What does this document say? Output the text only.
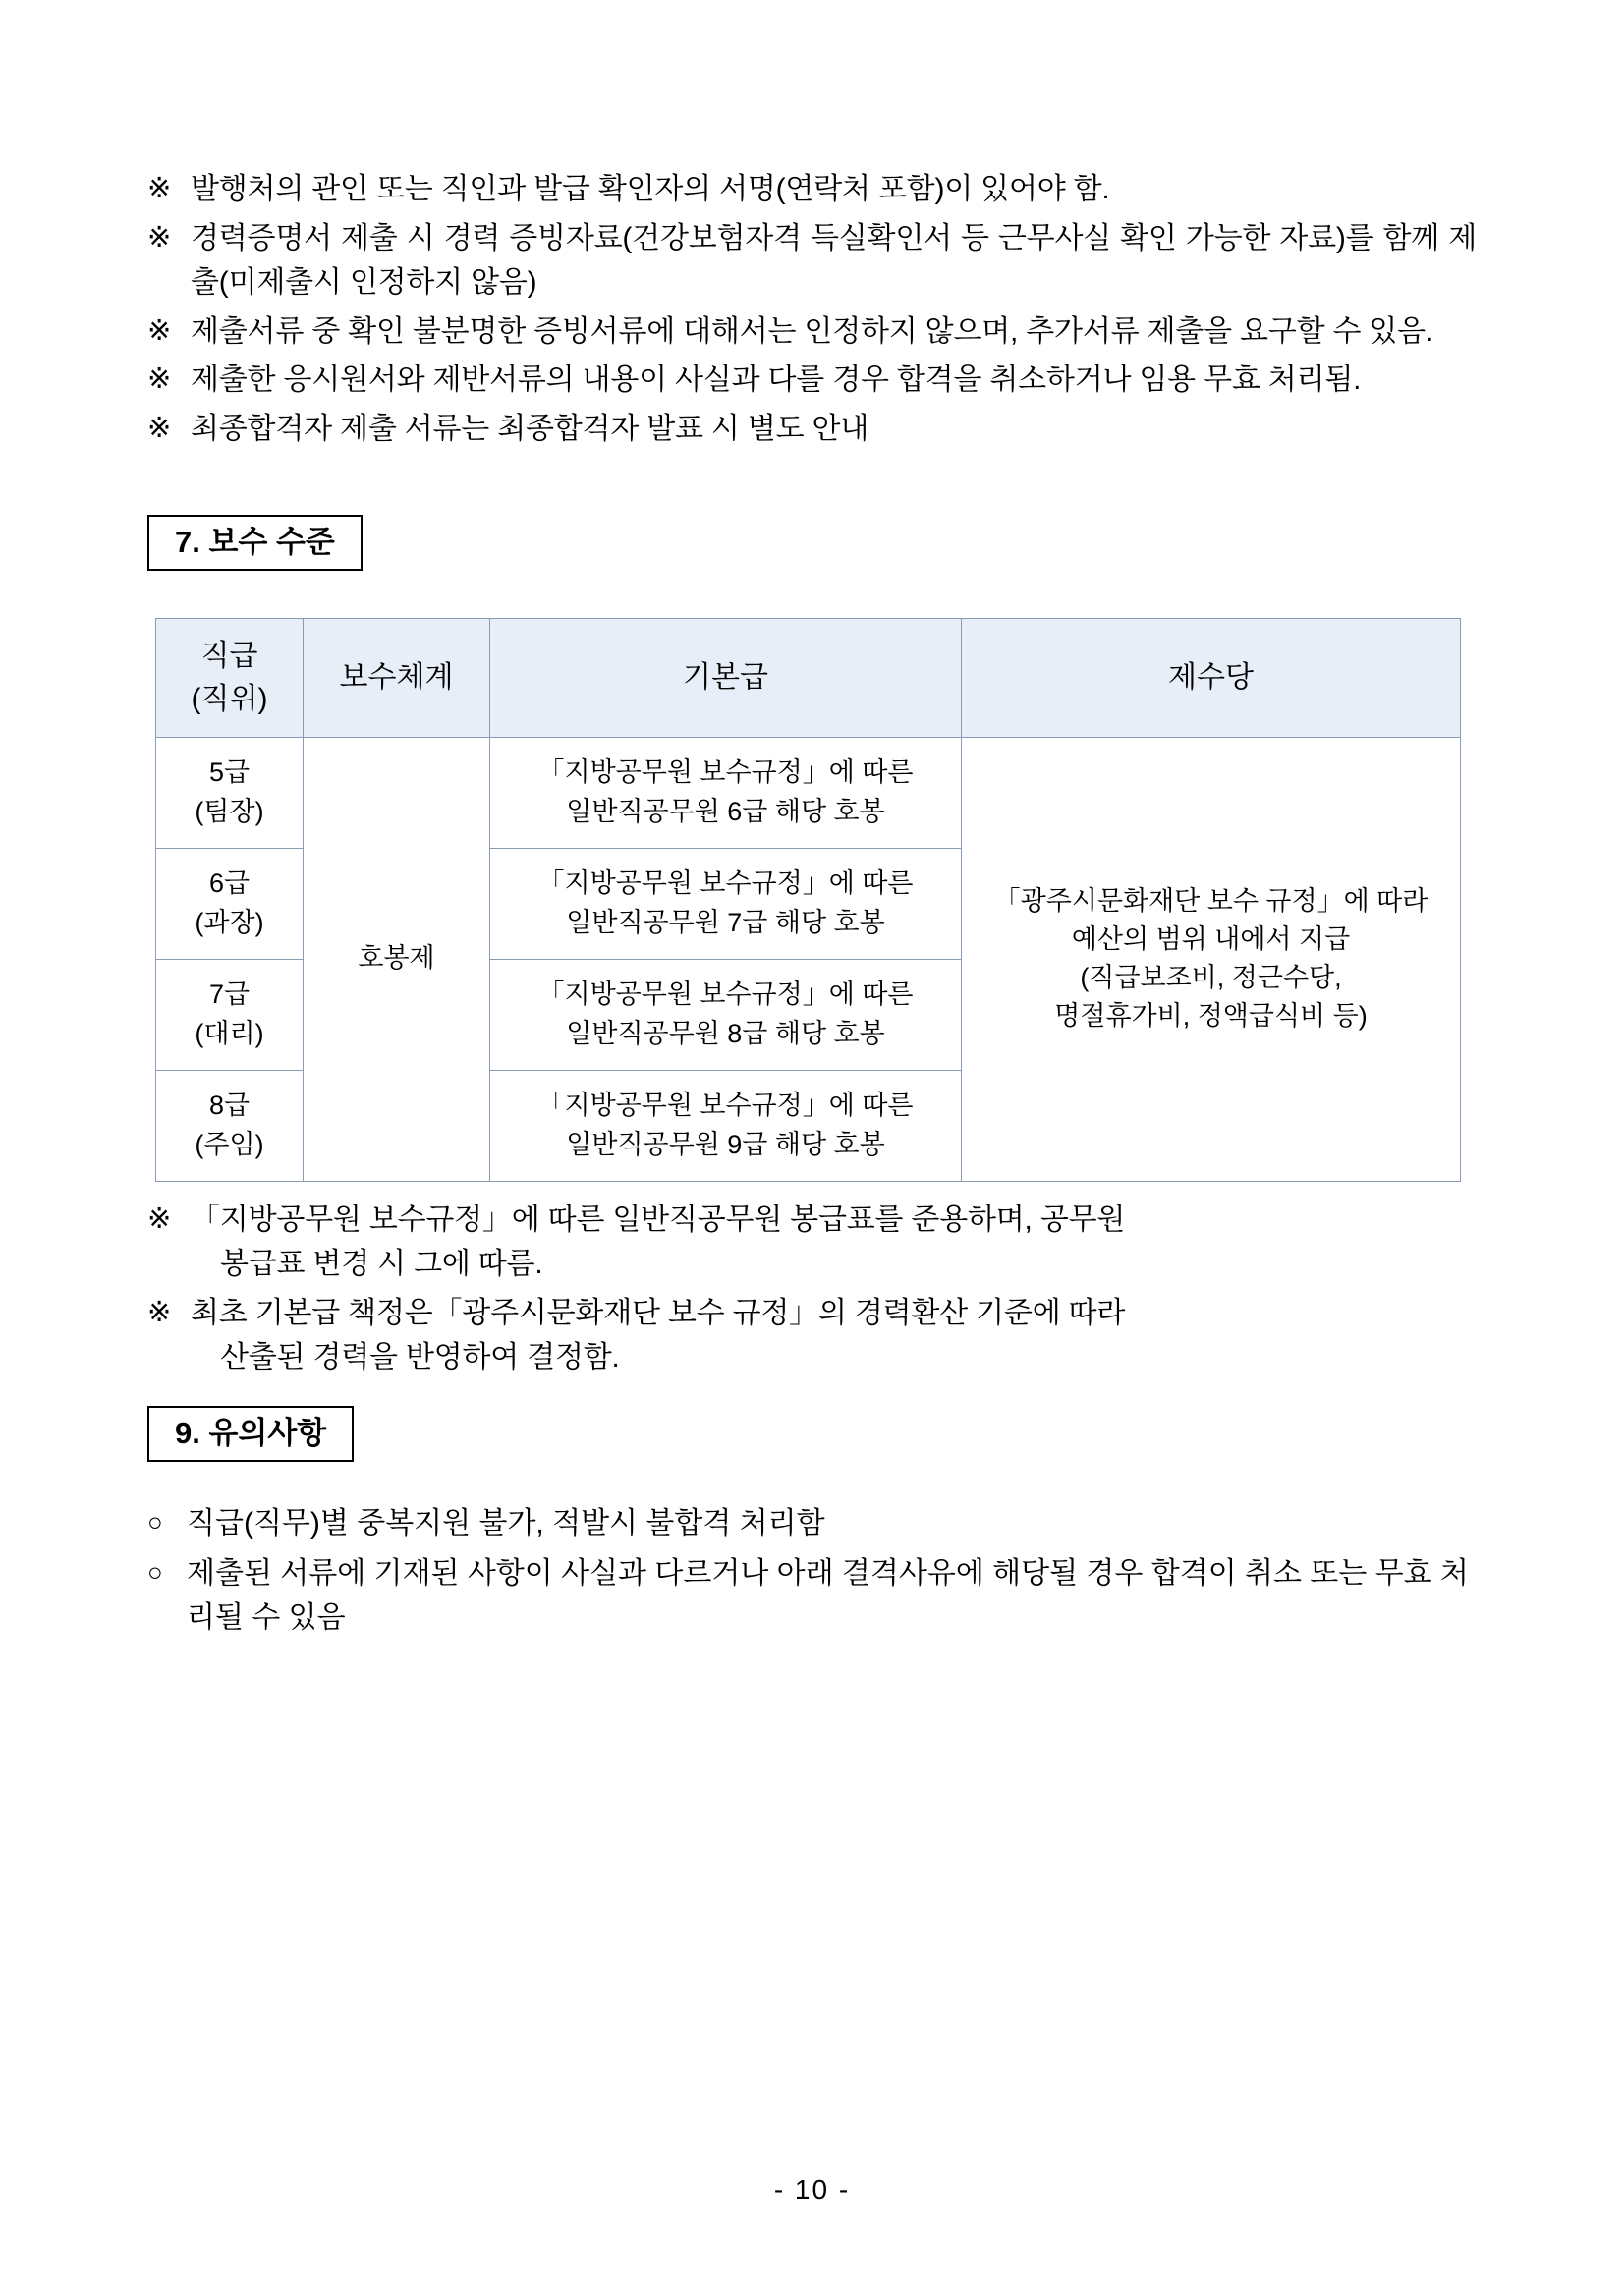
※ 발행처의 관인 또는 직인과 발급 확인자의 서명(연락처 포함)이 있어야 함.
※ 경력증명서 제출 시 경력 증빙자료(건강보험자격 득실확인서 등 근무사실 확인 가능한 자료)를 함께 제출(미제출시 인정하지 않음)
※ 제출서류 중 확인 불분명한 증빙서류에 대해서는 인정하지 않으며, 추가서류 제출을 요구할 수 있음.
※ 제출한 응시원서와 제반서류의 내용이 사실과 다를 경우 합격을 취소하거나 임용 무효 처리됨.
※ 최종합격자 제출 서류는 최종합격자 발표 시 별도 안내
7. 보수 수준
직급
(직위)	보수체계	기본급	제수당

5급
(팀장)	호봉제	「지방공무원 보수규정」에 따른
일반직공무원 6급 해당 호봉	「광주시문화재단 보수 규정」에 따라
예산의 범위 내에서 지급
(직급보조비, 정근수당,
명절휴가비, 정액급식비 등)

6급
(과장)		「지방공무원 보수규정」에 따른
일반직공무원 7급 해당 호봉	

7급
(대리)		「지방공무원 보수규정」에 따른
일반직공무원 8급 해당 호봉	

8급
(주임)		「지방공무원 보수규정」에 따른
일반직공무원 9급 해당 호봉	
※ 「지방공무원 보수규정」에 따른 일반직공무원 봉급표를 준용하며, 공무원
봉급표 변경 시 그에 따름.
※ 최초 기본급 책정은「광주시문화재단 보수 규정」의 경력환산 기준에 따라
산출된 경력을 반영하여 결정함.
9. 유의사항
○ 직급(직무)별 중복지원 불가, 적발시 불합격 처리함
○ 제출된 서류에 기재된 사항이 사실과 다르거나 아래 결격사유에 해당될 경우 합격이 취소 또는 무효 처리될 수 있음
- 10 -
